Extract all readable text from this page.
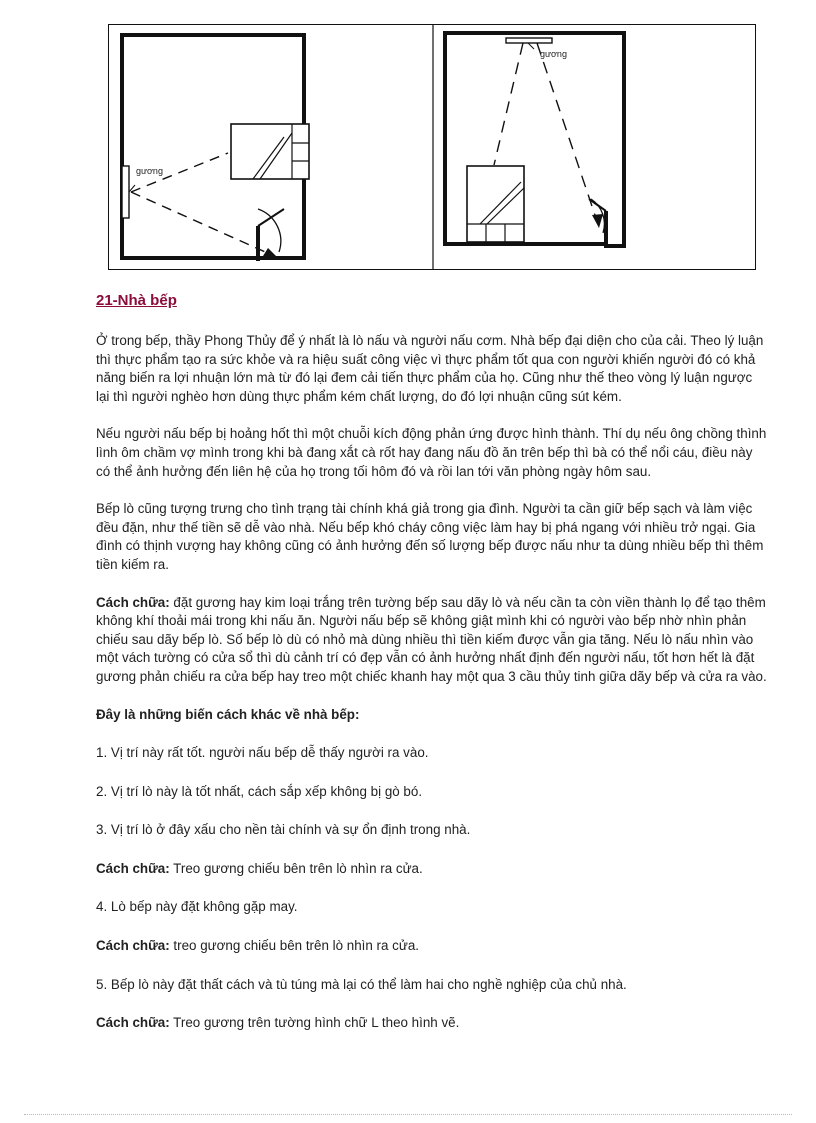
gương
gương
21-Nhà bếp

Ở trong bếp, thầy Phong Thủy để ý nhất là lò nấu và người nấu cơm. Nhà bếp đại diện cho của cải. Theo lý luận thì thực phẩm tạo ra sức khỏe và ra hiệu suất công việc vì thực phẩm tốt qua con người khiến người đó có khả năng biến ra lợi nhuận lớn mà từ đó lại đem cải tiến thực phẩm của họ. Cũng như thế theo vòng lý luận ngược lại thì người nghèo hơn dùng thực phẩm kém chất lượng, do đó lợi nhuận cũng sút kém.

Nếu người nấu bếp bị hoảng hốt thì một chuỗi kích động phản ứng được hình thành. Thí dụ nếu ông chồng thình lình ôm chầm vợ mình trong khi bà đang xắt cà rốt hay đang nấu đồ ăn trên bếp thì bà có thể nổi cáu, điều này có thể ảnh hưởng đến liên hệ của họ trong tối hôm đó và rồi lan tới văn phòng ngày hôm sau.

Bếp lò cũng tượng trưng cho tình trạng tài chính khá giả trong gia đình. Người ta cần giữ bếp sạch và làm việc đều đặn, như thế tiền sẽ dễ vào nhà. Nếu bếp khó cháy công việc làm hay bị phá ngang với nhiều trở ngại. Gia đình có thịnh vượng hay không cũng có ảnh hưởng đến số lượng bếp được nấu như ta dùng nhiều bếp thì thêm tiền kiếm ra.

Cách chữa: đặt gương hay kim loại trắng trên tường bếp sau dãy lò và nếu cần ta còn viền thành lọ để tạo thêm không khí thoải mái trong khi nấu ăn. Người nấu bếp sẽ không giật mình khi có người vào bếp nhờ nhìn phản chiếu sau dãy bếp lò. Số bếp lò dù có nhỏ mà dùng nhiều thì tiền kiếm được vẫn gia tăng. Nếu lò nấu nhìn vào một vách tường có cửa sổ thì dù cảnh trí có đẹp vẫn có ảnh hưởng nhất định đến người nấu, tốt hơn hết là đặt gương phản chiếu ra cửa bếp hay treo một chiếc khanh hay một qua 3 cầu thủy tinh giữa dãy bếp và cửa ra vào.

Đây là những biến cách khác về nhà bếp:

1. Vị trí này rất tốt. người nấu bếp dễ thấy người ra vào.

2. Vị trí lò này là tốt nhất, cách sắp xếp không bị gò bó.

3. Vị trí lò ở đây xấu cho nền tài chính và sự ổn định trong nhà.

Cách chữa: Treo gương chiếu bên trên lò nhìn ra cửa.

4. Lò bếp này đặt không gặp may.

Cách chữa: treo gương chiếu bên trên lò nhìn ra cửa.

5. Bếp lò này đặt thất cách và tù túng mà lại có thể làm hai cho nghề nghiệp của chủ nhà.

Cách chữa: Treo gương trên tường hình chữ L theo hình vẽ.
